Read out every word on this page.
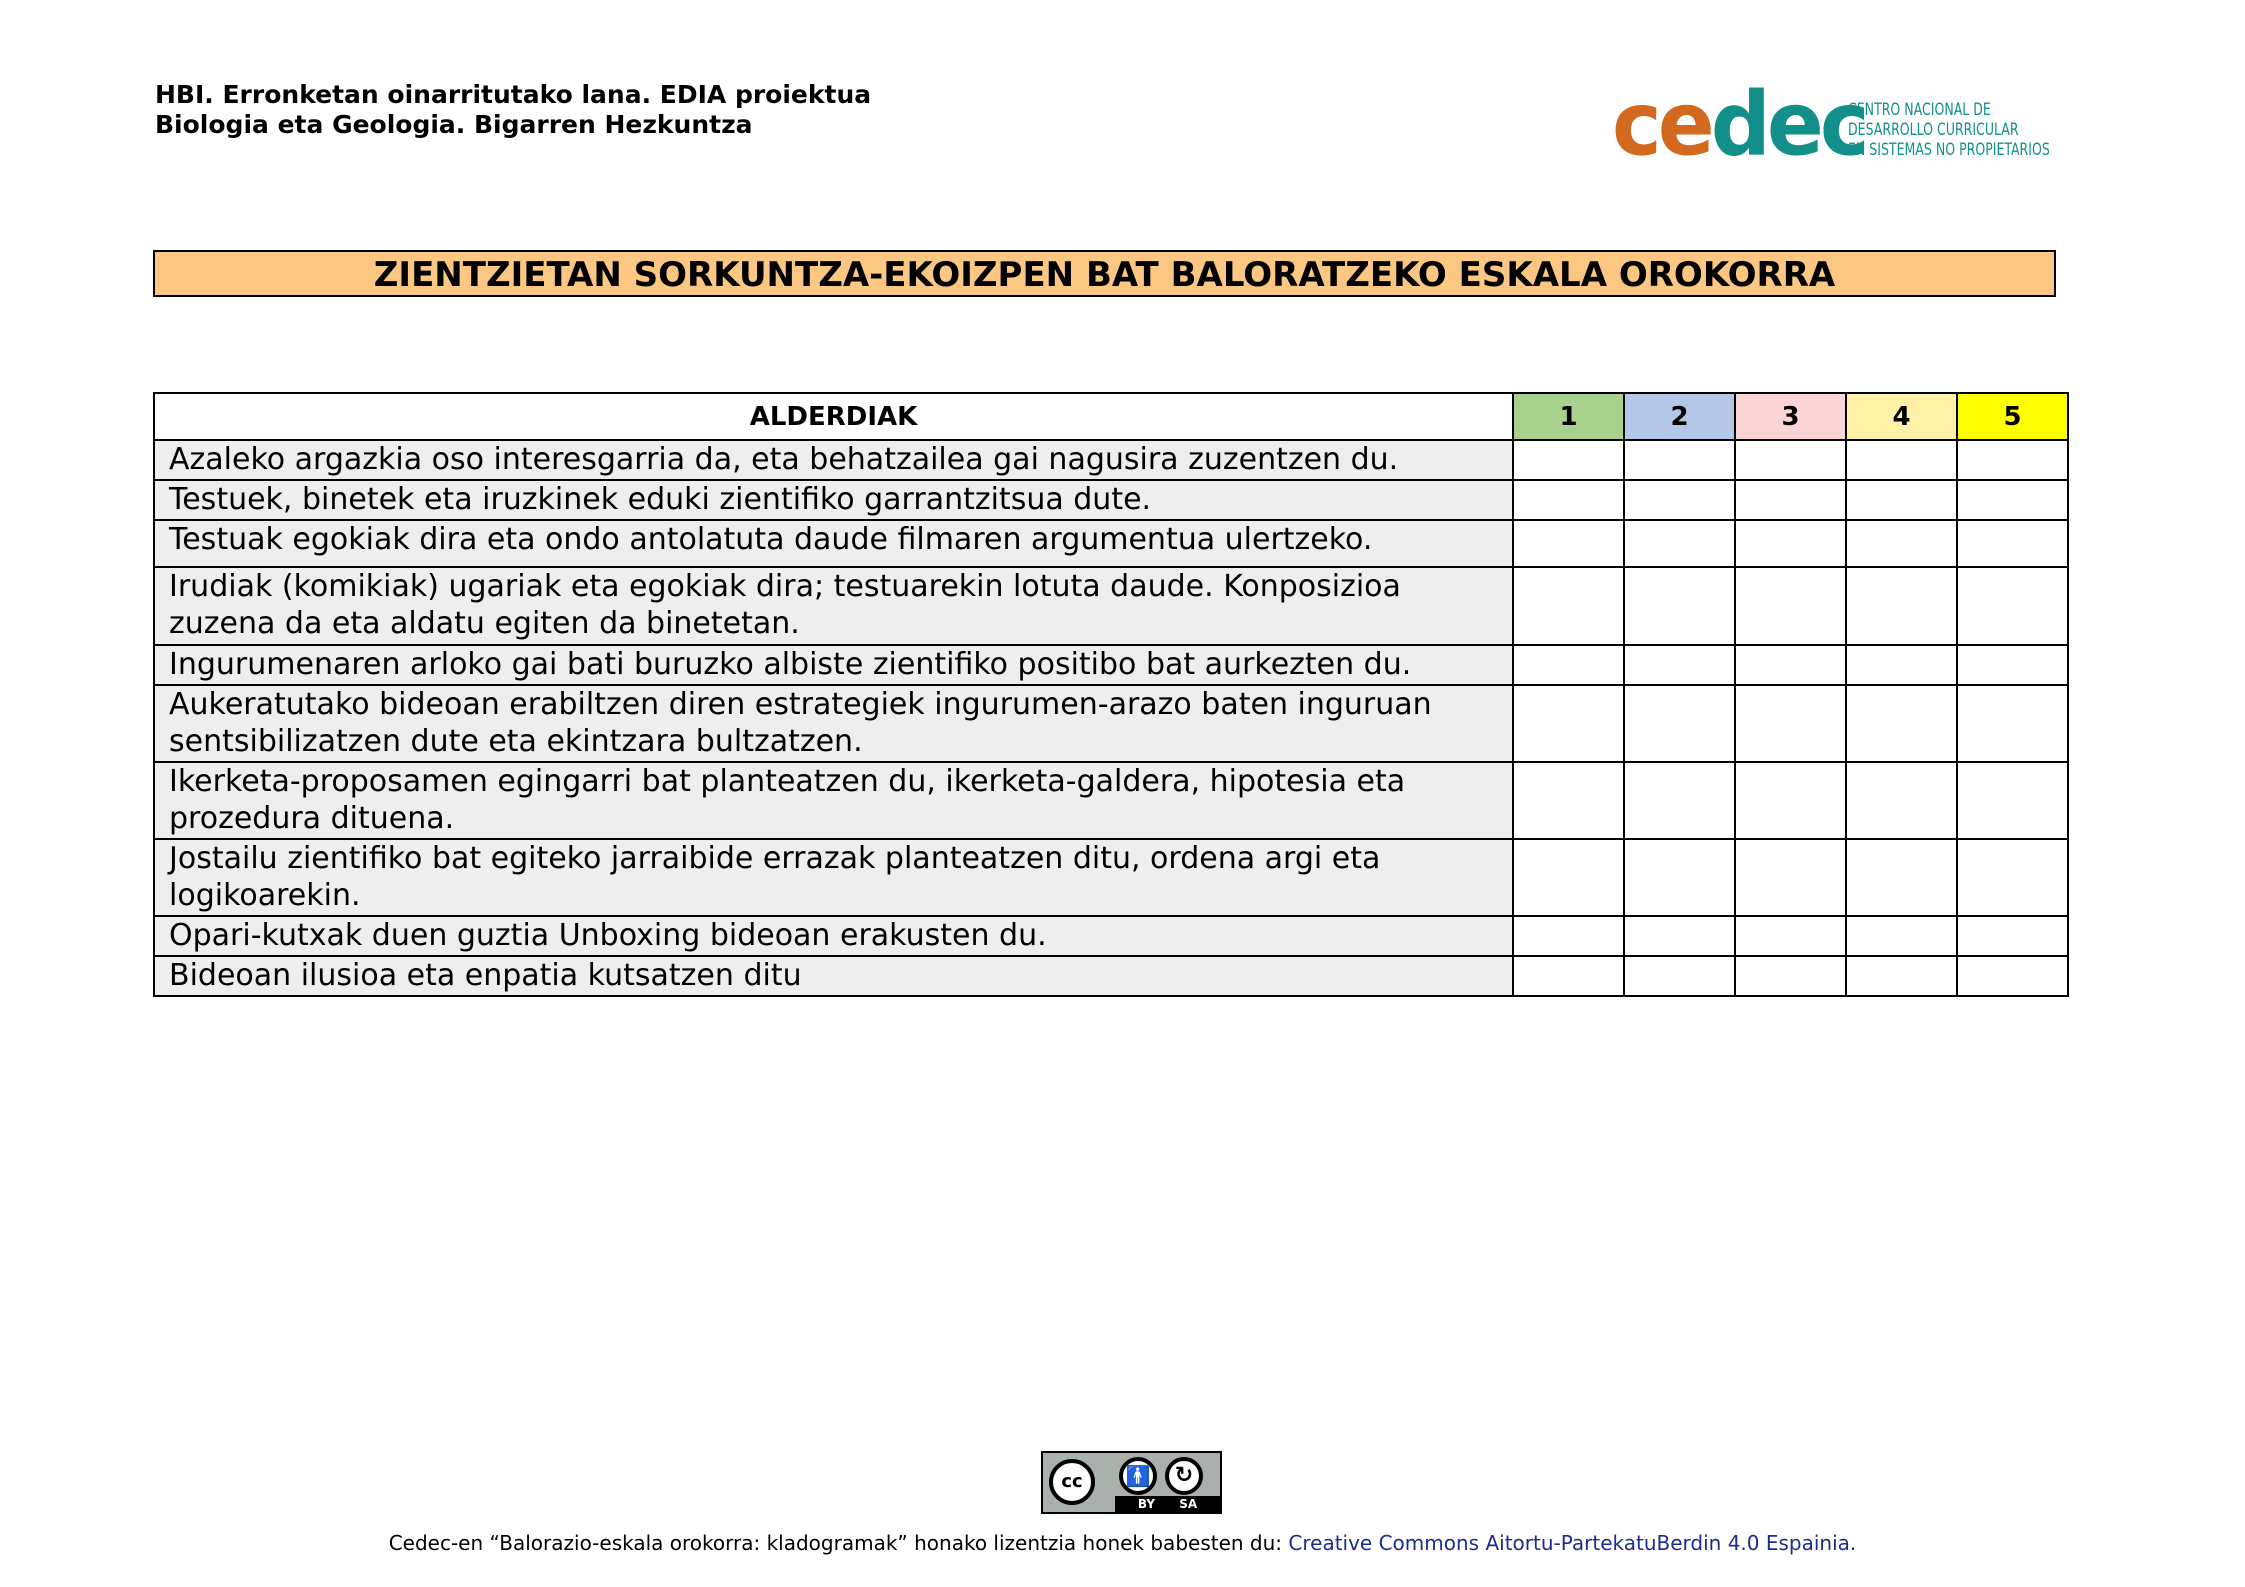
HBI. Erronketan oinarritutako lana. EDIA proiektua
Biologia eta Geologia. Bigarren Hezkuntza	cedec
CENTRO NACIONAL DE
DESARROLLO CURRICULAR
EN SISTEMAS NO PROPIETARIOS
ZIENTZIETAN SORKUNTZA-EKOIZPEN BAT BALORATZEKO ESKALA OROKORRA
ALDERDIAK	1	2	3	4	5
Azaleko argazkia oso interesgarria da, eta behatzailea gai nagusira zuzentzen du.					
Testuek, binetek eta iruzkinek eduki zientifiko garrantzitsua dute.					
Testuak egokiak dira eta ondo antolatuta daude filmaren argumentua ulertzeko.					
Irudiak (komikiak) ugariak eta egokiak dira; testuarekin lotuta daude. Konposizioa zuzena da eta aldatu egiten da binetetan.					
Ingurumenaren arloko gai bati buruzko albiste zientifiko positibo bat aurkezten du.					
Aukeratutako bideoan erabiltzen diren estrategiek ingurumen-arazo baten inguruan sentsibilizatzen dute eta ekintzara bultzatzen.					
Ikerketa-proposamen egingarri bat planteatzen du, ikerketa-galdera, hipotesia eta prozedura dituena.					
Jostailu zientifiko bat egiteko jarraibide errazak planteatzen ditu, ordena argi eta logikoarekin.					
Opari-kutxak duen guztia Unboxing bideoan erakusten du.					
Bideoan ilusioa eta enpatia kutsatzen ditu					
cc	🚹	↻
BY SA
Cedec-en “Balorazio-eskala orokorra: kladogramak” honako lizentzia honek babesten du: Creative Commons Aitortu-PartekatuBerdin 4.0 Espainia.
